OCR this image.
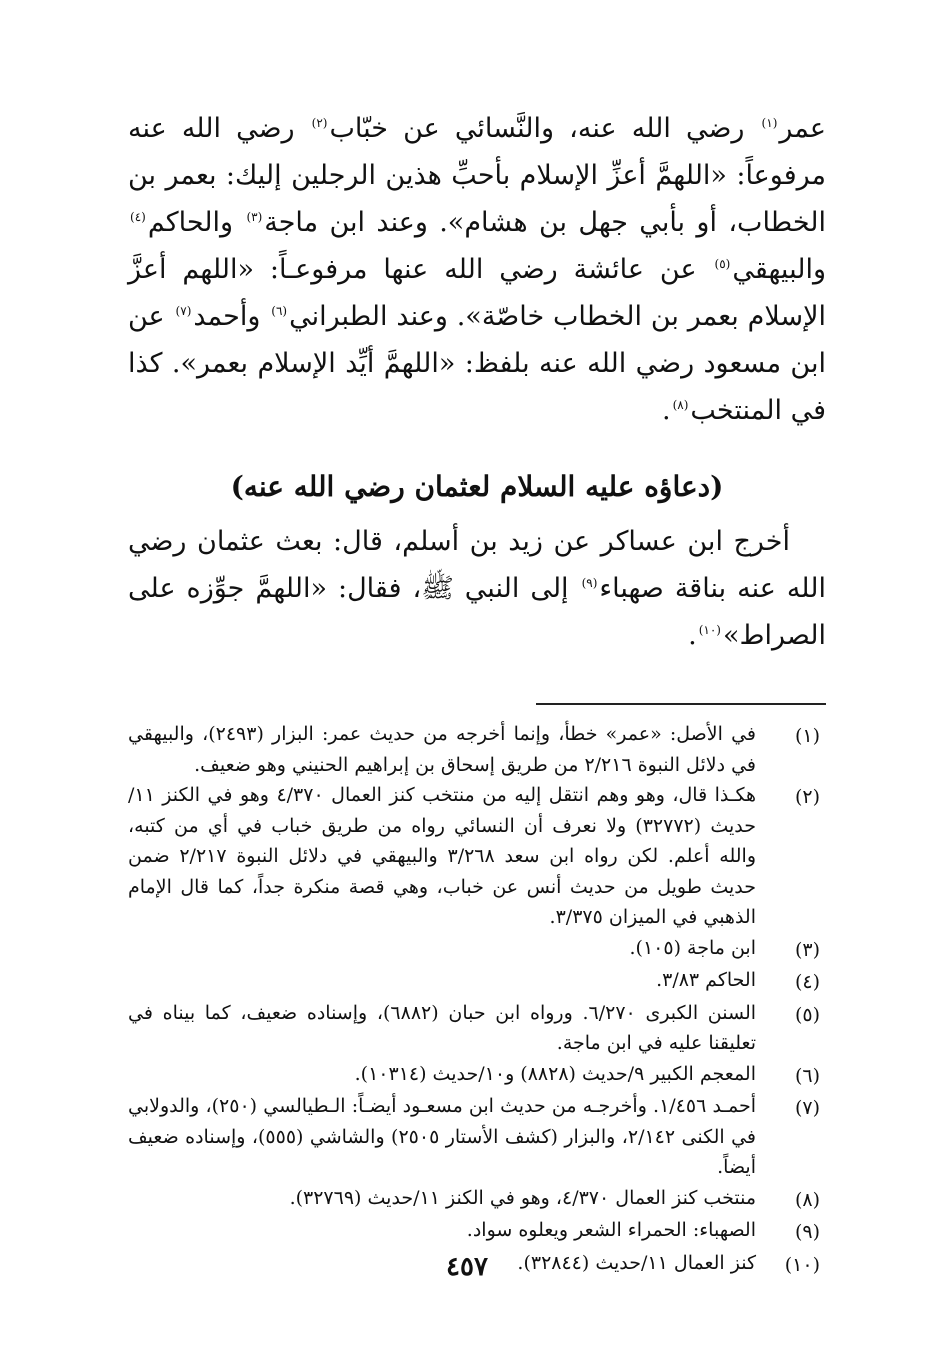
عمر$^{(١)}$ رضي الله عنه، والنَّسائي عن خبّاب$^{(٢)}$ رضي الله عنه مرفوعاً: «اللهمَّ أعزِّ الإسلام بأحبِّ هذين الرجلين إليك: بعمر بن الخطاب، أو بأبي جهل بن هشام». وعند ابن ماجة$^{(٣)}$ والحاكم$^{(٤)}$ والبيهقي$^{(٥)}$ عن عائشة رضي الله عنها مرفوعـاً: «اللهم أعزَّ الإسلام بعمر بن الخطاب خاصّة». وعند الطبراني$^{(٦)}$ وأحمد$^{(٧)}$ عن ابن مسعود رضي الله عنه بلفظ: «اللهمَّ أيِّد الإسلام بعمر». كذا في المنتخب$^{(٨)}$.

(دعاؤه عليه السلام لعثمان رضي الله عنه)

أخرج ابن عساكر عن زيد بن أسلم، قال: بعث عثمان رضي الله عنه بناقة صهباء$^{(٩)}$ إلى النبي ﷺ، فقال: «اللهمَّ جوِّزه على الصراط»$^{(١٠)}$.

(١)
في الأصل: «عمر» خطأ، وإنما أخرجه من حديث عمر: البزار (٢٤٩٣)، والبيهقي في دلائل النبوة ٢/٢١٦ من طريق إسحاق بن إبراهيم الحنيني وهو ضعيف.
(٢)
هكـذا قال، وهو وهم انتقل إليه من منتخب كنز العمال ٤/٣٧٠ وهو في الكنز ١١/حديث (٣٢٧٧٢) ولا نعرف أن النسائي رواه من طريق خباب في أي من كتبه، والله أعلم. لكن رواه ابن سعد ٣/٢٦٨ والبيهقي في دلائل النبوة ٢/٢١٧ ضمن حديث طويل من حديث أنس عن خباب، وهي قصة منكرة جداً، كما قال الإمام الذهبي في الميزان ٣/٣٧٥.
(٣)
ابن ماجة (١٠٥).
(٤)
الحاكم ٣/٨٣.
(٥)
السنن الكبرى ٦/٢٧٠. ورواه ابن حبان (٦٨٨٢)، وإسناده ضعيف، كما بيناه في تعليقنا عليه في ابن ماجة.
(٦)
المعجم الكبير ٩/حديث (٨٨٢٨) و١٠/حديث (١٠٣١٤).
(٧)
أحمـد ١/٤٥٦. وأخرجـه من حديث ابن مسعـود أيضـاً: الـطيالسي (٢٥٠)، والدولابي في الكنى ٢/١٤٢، والبزار (كشف الأستار ٢٥٠٥) والشاشي (٥٥٥)، وإسناده ضعيف أيضاً.
(٨)
منتخب كنز العمال ٤/٣٧٠، وهو في الكنز ١١/حديث (٣٢٧٦٩).
(٩)
الصهباء: الحمراء الشعر ويعلوه سواد.
(١٠)
كنز العمال ١١/حديث (٣٢٨٤٤).
٤٥٧
